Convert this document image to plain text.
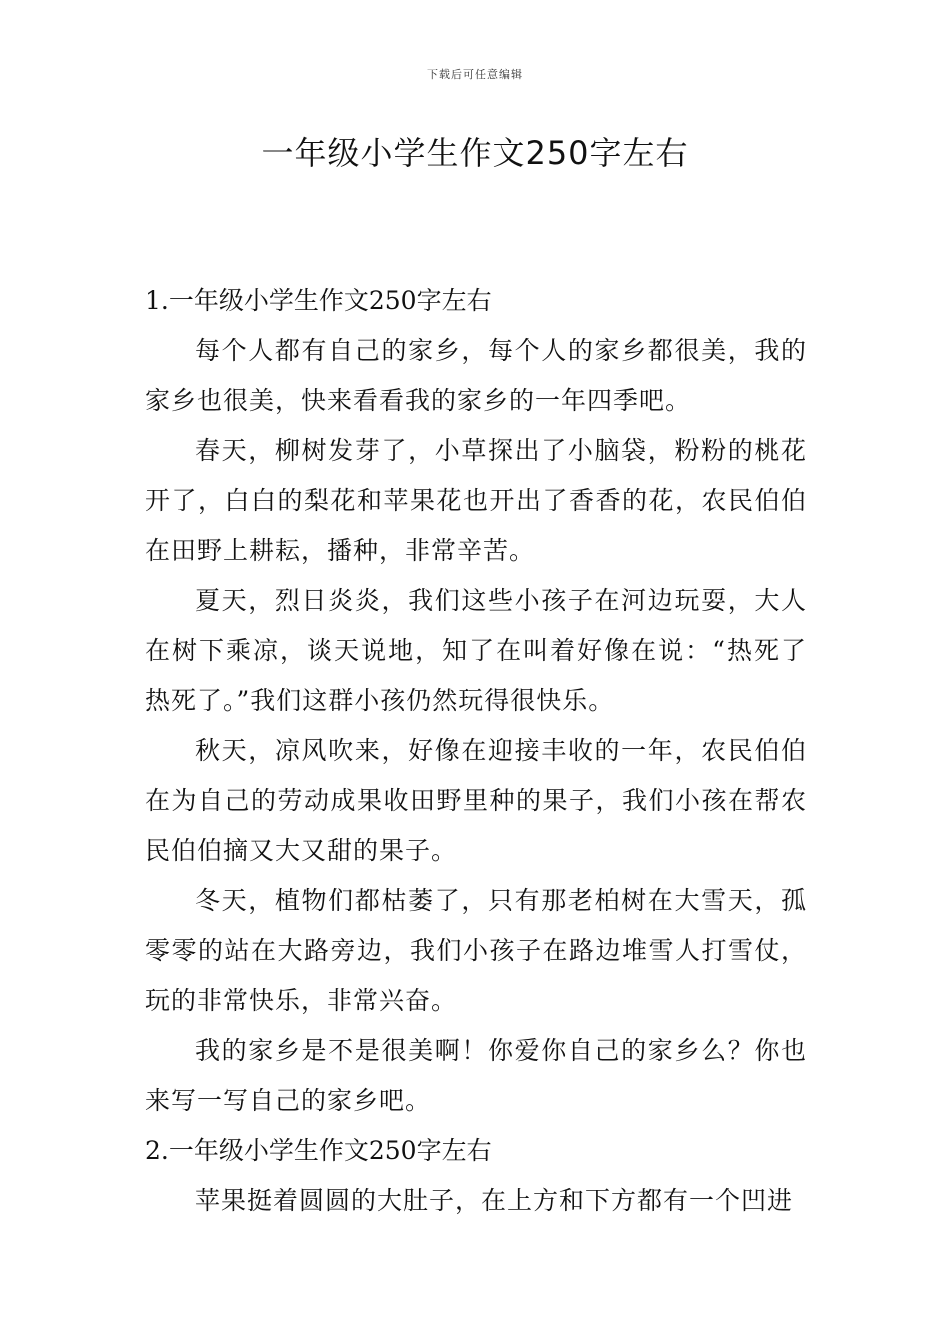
下载后可任意编辑
一年级小学生作文250字左右

1.一年级小学生作文250字左右

每个人都有自己的家乡，每个人的家乡都很美，我的家乡也很美，快来看看我的家乡的一年四季吧。

春天，柳树发芽了，小草探出了小脑袋，粉粉的桃花开了，白白的梨花和苹果花也开出了香香的花，农民伯伯在田野上耕耘，播种，非常辛苦。

夏天，烈日炎炎，我们这些小孩子在河边玩耍，大人在树下乘凉，谈天说地，知了在叫着好像在说：“热死了热死了。”我们这群小孩仍然玩得很快乐。

秋天，凉风吹来，好像在迎接丰收的一年，农民伯伯在为自己的劳动成果收田野里种的果子，我们小孩在帮农民伯伯摘又大又甜的果子。

冬天，植物们都枯萎了，只有那老柏树在大雪天，孤零零的站在大路旁边，我们小孩子在路边堆雪人打雪仗，玩的非常快乐，非常兴奋。

我的家乡是不是很美啊！你爱你自己的家乡么？你也来写一写自己的家乡吧。

2.一年级小学生作文250字左右

苹果挺着圆圆的大肚子，在上方和下方都有一个凹进
